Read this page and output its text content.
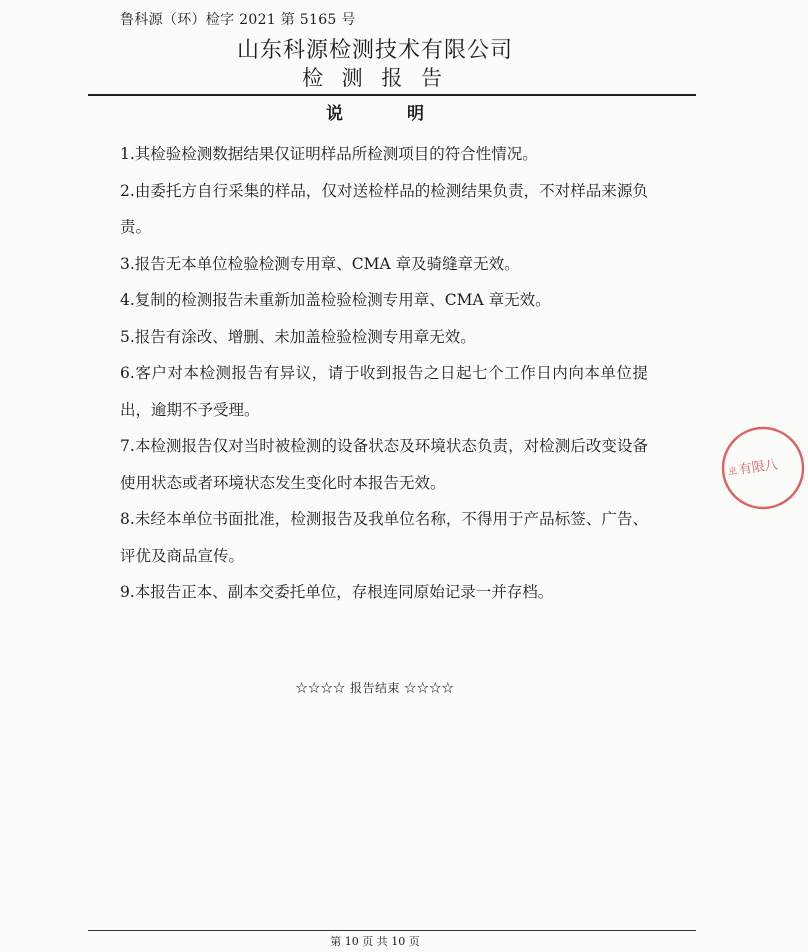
鲁科源（环）检字 2021 第 5165 号
山东科源检测技术有限公司
检 测 报 告
说 明
1.其检验检测数据结果仅证明样品所检测项目的符合性情况。
2.由委托方自行采集的样品，仅对送检样品的检测结果负责，不对样品来源负责。
3.报告无本单位检验检测专用章、CMA 章及骑缝章无效。
4.复制的检测报告未重新加盖检验检测专用章、CMA 章无效。
5.报告有涂改、增删、未加盖检验检测专用章无效。
6.客户对本检测报告有异议，请于收到报告之日起七个工作日内向本单位提出，逾期不予受理。
7.本检测报告仅对当时被检测的设备状态及环境状态负责，对检测后改变设备使用状态或者环境状态发生变化时本报告无效。
8.未经本单位书面批准，检测报告及我单位名称，不得用于产品标签、广告、评优及商品宣传。
9.本报告正本、副本交委托单位，存根连同原始记录一并存档。
☆☆☆☆ 报告结束 ☆☆☆☆
ㄓ有限八
第 10 页 共 10 页
